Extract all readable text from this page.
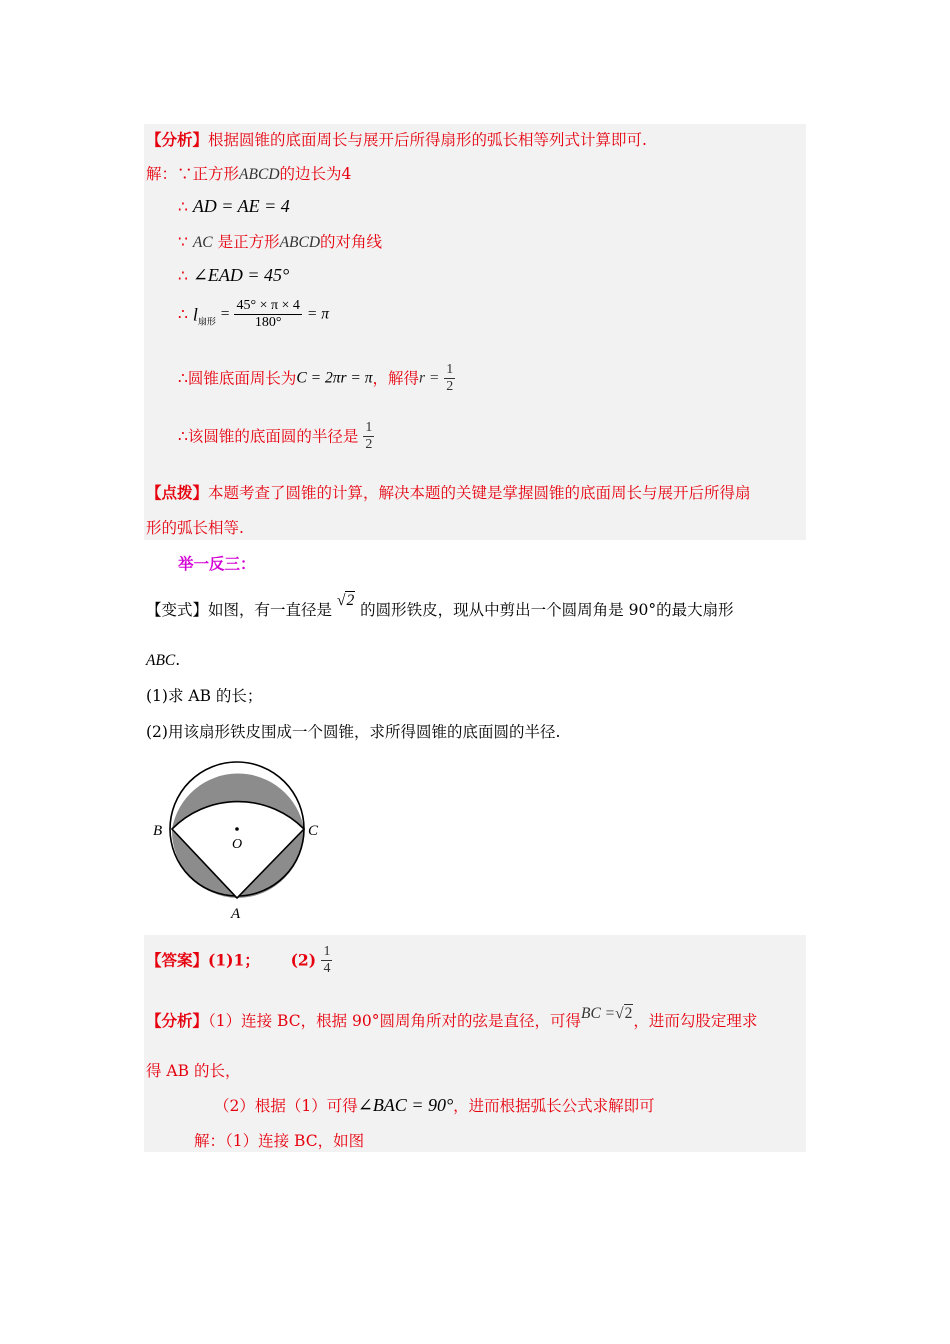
【分析】根据圆锥的底面周长与展开后所得扇形的弧长相等列式计算即可.
解：∵正方形ABCD的边长为4
∴ AD = AE = 4
∵ AC 是正方形ABCD的对角线
∴ ∠EAD = 45°
∴ $l_{扇形} = \frac{45^\circ \times \pi \times 4}{180^\circ} = \pi$
∴圆锥底面周长为C = 2πr = π，解得$r = \frac{1}{2}$
∴该圆锥的底面圆的半径是 $\frac{1}{2}$
【点拨】本题考查了圆锥的计算，解决本题的关键是掌握圆锥的底面周长与展开后所得扇
形的弧长相等.
举一反三：
【变式】如图，有一直径是 √2 的圆形铁皮，现从中剪出一个圆周角是 90°的最大扇形
ABC.
(1)求 AB 的长；
(2)用该扇形铁皮围成一个圆锥，求所得圆锥的底面圆的半径.
O
B	C
A
【答案】(1)1； $(2) \frac{1}{4}$
【分析】（1）连接 BC，根据 90°圆周角所对的弦是直径，可得BC =√2，进而勾股定理求
得 AB 的长，
（2）根据（1）可得∠BAC = 90°，进而根据弧长公式求解即可
解：（1）连接 BC，如图
